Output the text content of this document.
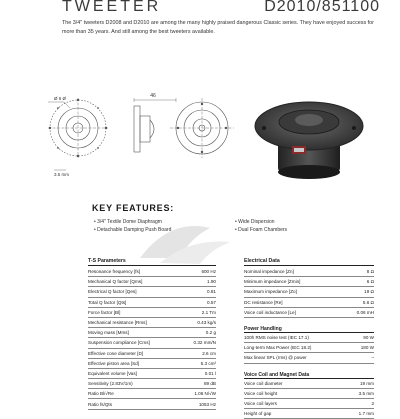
TWEETER	D2010/851100
The 3/4" tweeters D2008 and D2010 are among the many highly praised dangerous Classic series. They have enjoyed success for more than 35 years. And still among the best tweeters available.
46
Ø 6 Ø
3.5 mm
KEY FEATURES:
• 3/4" Textile Dome Diaphragm
• Detachable Damping Push Board
• Wide Dispersion
• Dual Foam Chambers
T-S Parameters
Resonance frequency [fs]	600 Hz
Mechanical Q factor [Qms]	1.90
Electrical Q factor [Qes]	0.81
Total Q factor [Qts]	0.57
Force factor [Bl]	2.1 Tm
Mechanical resistance [Rms]	0.43 kg/s
Moving mass [Mms]	0.2 g
Suspension compliance [Cms]	0.32 mm/N
Effective cone diameter [D]	2.6 cm
Effective piston area [Sd]	5.3 cm²
Equivalent volume [Vas]	0.01 l
Sensitivity (2.83V/1m)	89 dB
Ratio Bl/√Re	1.06 N/√W
Ratio fs/Qts	1053 Hz
Electrical Data
Nominal impedance [Zn]	8 Ω
Minimum impedance [Zmin]	6 Ω
Maximum impedance [Zo]	19 Ω
DC resistance [Re]	5.6 Ω
Voice coil inductance [Le]	0.06 mH
Power Handling
100h RMS noise test (IEC 17.1)	90 W
Long-term Max Power (IEC 18.2)	180 W
Max linear SPL (rms) @ power	–
Voice Coil and Magnet Data
Voice coil diameter	19 mm
Voice coil height	3.5 mm
Voice coil layers	2
Height of gap	1.7 mm
